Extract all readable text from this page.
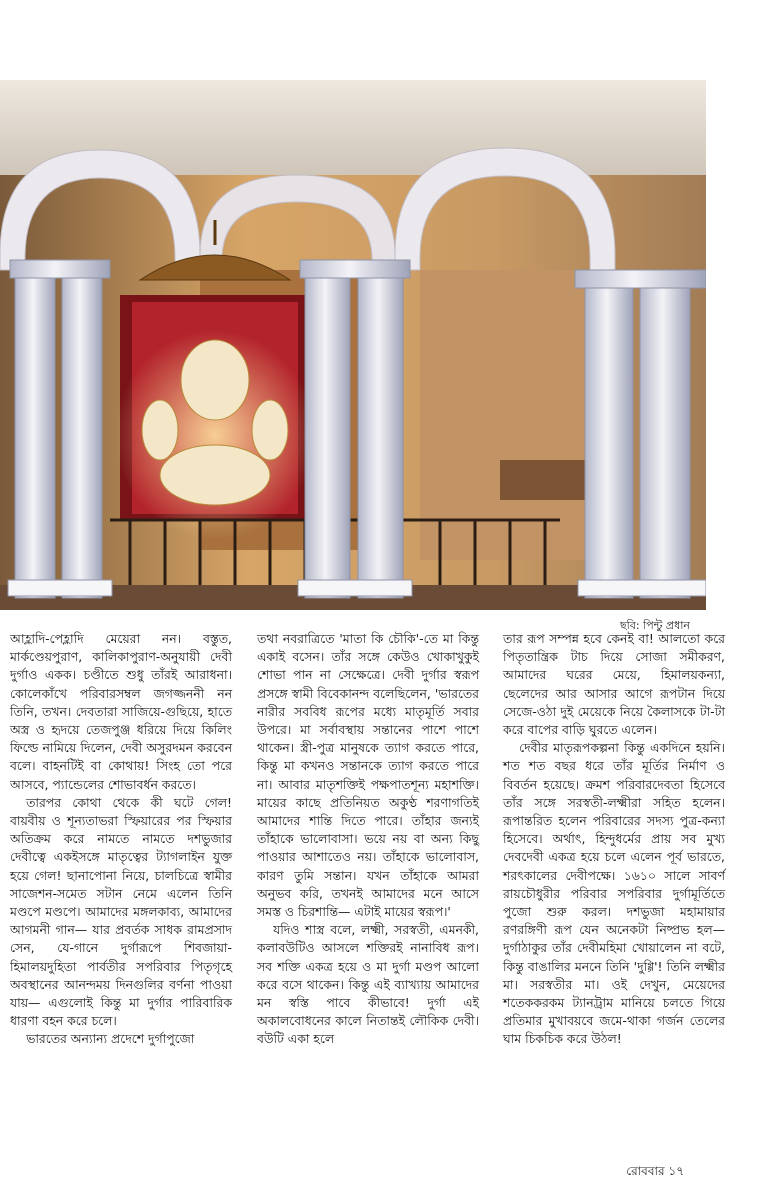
ছবি: পিন্টু প্রধান

আহ্লাদি-পেহ্লাদি মেয়েরা নন। বস্তুত, মার্কণ্ডেয়পুরাণ, কালিকাপুরাণ-অনুযায়ী দেবী দুর্গাও একক। চণ্ডীতে শুধু তাঁরই আরাধনা। কোলেকাঁখে পরিবারসম্বল জগজ্জননী নন তিনি, তখন। দেবতারা সাজিয়ে-গুছিয়ে, হাতে অস্ত্র ও হৃদয়ে তেজপুঞ্জ ধরিয়ে দিয়ে কিলিং ফিল্ডে নামিয়ে দিলেন, দেবী অসুরদমন করবেন বলে। বাহনটিই বা কোথায়! সিংহ তো পরে আসবে, প্যান্ডেলের শোভাবর্ধন করতে।

তারপর কোথা থেকে কী ঘটে গেল! বায়বীয় ও শূন্যতাভরা স্ফিয়ারের পর স্ফিয়ার অতিক্রম করে নামতে নামতে দশভুজার দেবীত্বে একইসঙ্গে মাতৃত্বের ট্যাগলাইন যুক্ত হয়ে গেল! ছানাপোনা নিয়ে, চালচিত্রে স্বামীর সাজেশন-সমেত সটান নেমে এলেন তিনি মণ্ডপে মণ্ডপে। আমাদের মঙ্গলকাব্য, আমাদের আগমনী গান— যার প্রবর্তক সাধক রামপ্রসাদ সেন, যে-গানে দুর্গারূপে শিবজায়া-হিমালয়দুহিতা পার্বতীর সপরিবার পিতৃগৃহে অবস্থানের আনন্দময় দিনগুলির বর্ণনা পাওয়া যায়— এগুলোই কিন্তু মা দুর্গার পারিবারিক ধারণা বহন করে চলে।

ভারতের অন্যান্য প্রদেশে দুর্গাপুজো

তথা নবরাত্রিতে 'মাতা কি চৌকি'-তে মা কিন্তু একাই বসেন। তাঁর সঙ্গে কেউও খোকাখুকুই শোভা পান না সেক্ষেত্রে। দেবী দুর্গার স্বরূপ প্রসঙ্গে স্বামী বিবেকানন্দ বলেছিলেন, 'ভারতের নারীর সববিধ রূপের মধ্যে মাতৃমূর্তি সবার উপরে। মা সর্বাবস্থায় সন্তানের পাশে পাশে থাকেন। স্ত্রী-পুত্র মানুষকে ত্যাগ করতে পারে, কিন্তু মা কখনও সন্তানকে ত্যাগ করতে পারে না। আবার মাতৃশক্তিই পক্ষপাতশূন্য মহাশক্তি। মায়ের কাছে প্রতিনিয়ত অকুণ্ঠ শরণাগতিই আমাদের শান্তি দিতে পারে। তাঁহার জন্যই তাঁহাকে ভালোবাসা। ভয়ে নয় বা অন্য কিছু পাওয়ার আশাতেও নয়। তাঁহাকে ভালোবাস, কারণ তুমি সন্তান। যখন তাঁহাকে আমরা অনুভব করি, তখনই আমাদের মনে আসে সমস্ত ও চিরশান্তি— এটাই মায়ের স্বরূপ।'

যদিও শাস্ত্র বলে, লক্ষ্মী, সরস্বতী, এমনকী, কলাবউটিও আসলে শক্তিরই নানাবিধ রূপ। সব শক্তি একত্র হয়ে ও মা দুর্গা মণ্ডপ আলো করে বসে থাকেন। কিন্তু এই ব্যাখ্যায় আমাদের মন স্বস্তি পাবে কীভাবে! দুর্গা এই অকালবোধনের কালে নিতান্তই লৌকিক দেবী। বউটি একা হলে

তার রূপ সম্পন্ন হবে কেনই বা! আলতো করে পিতৃতান্ত্রিক টাচ দিয়ে সোজা সমীকরণ, আমাদের ঘরের মেয়ে, হিমালয়কন্যা, ছেলেদের আর আসার আগে রূপটান দিয়ে সেজে-ওঠা দুই মেয়েকে নিয়ে কৈলাসকে টা-টা করে বাপের বাড়ি ঘুরতে এলেন।

দেবীর মাতৃরূপকল্পনা কিন্তু একদিনে হয়নি। শত শত বছর ধরে তাঁর মূর্তির নির্মাণ ও বিবর্তন হয়েছে। ক্রমশ পরিবারদেবতা হিসেবে তাঁর সঙ্গে সরস্বতী-লক্ষ্মীরা সহিত হলেন। রূপান্তরিত হলেন পরিবারের সদস্য পুত্র-কন্যা হিসেবে। অর্থাৎ, হিন্দুধর্মের প্রায় সব মুখ্য দেবদেবী একত্র হয়ে চলে এলেন পূর্ব ভারতে, শরৎকালের দেবীপক্ষে। ১৬১০ সালে সাবর্ণ রায়চৌধুরীর পরিবার সপরিবার দুর্গামূর্তিতে পুজো শুরু করল। দশভুজা মহামায়ার রণরঙ্গিণী রূপ যেন অনেকটা নিষ্প্রভ হল— দুর্গাঠাকুর তাঁর দেবীমহিমা খোয়ালেন না বটে, কিন্তু বাঙালির মননে তিনি 'দুগ্গি'! তিনি লক্ষ্মীর মা। সরস্বতীর মা। ওই দেখুন, মেয়েদের শতেককরকম ট্যানট্রাম মানিয়ে চলতে গিয়ে প্রতিমার মুখাবয়বে জমে-থাকা গর্জন তেলের ঘাম চিকচিক করে উঠল!

রোববার ১৭
